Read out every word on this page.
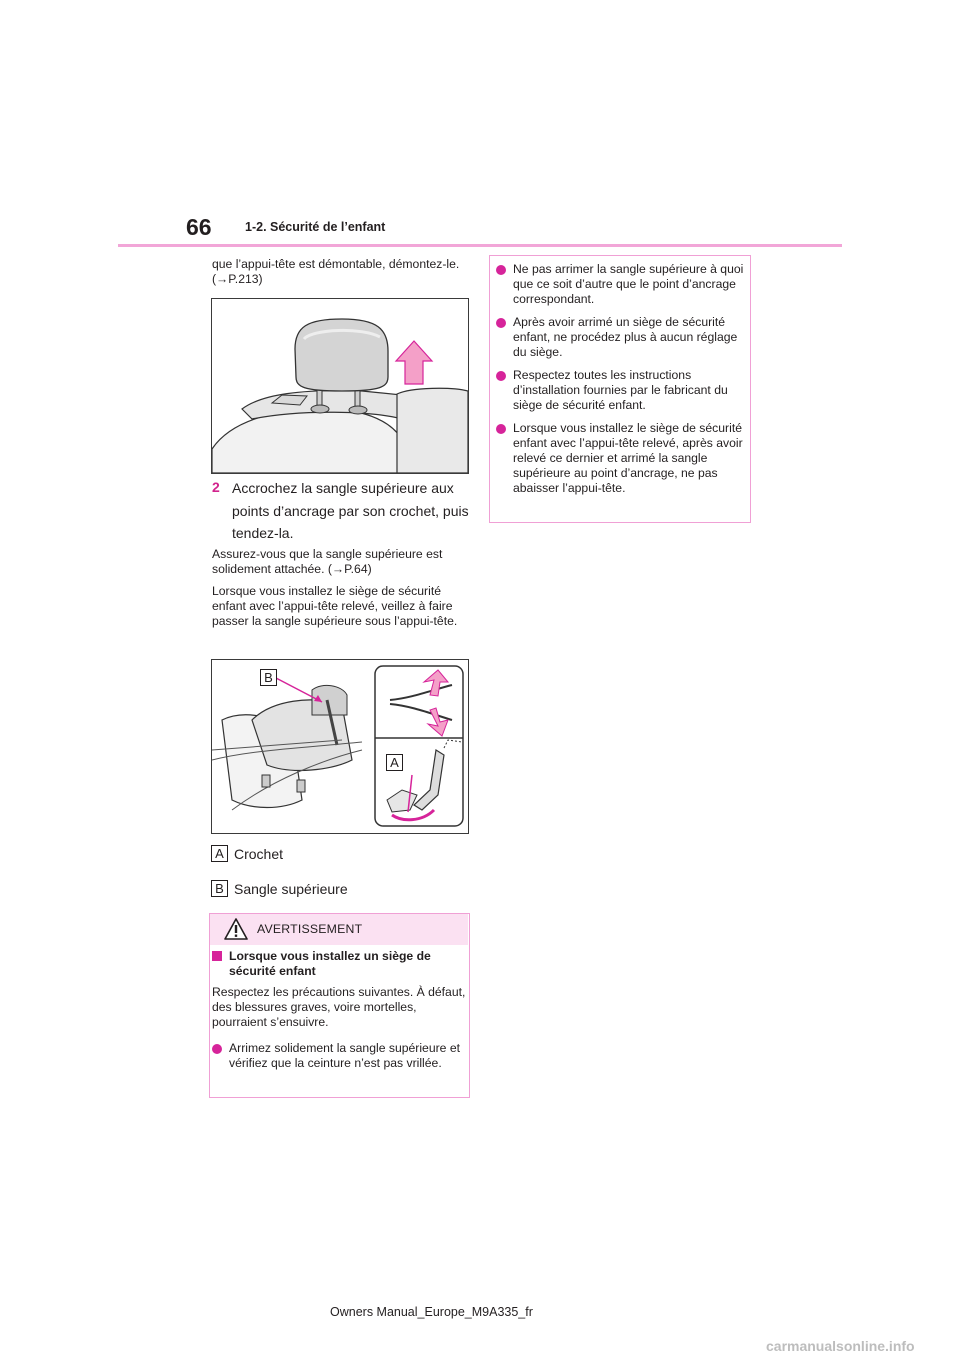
66	1-2. Sécurité de l’enfant
que l’appui-tête est démontable, démontez-le.(→P.213)
2 Accrochez la sangle supérieure aux points d’ancrage par son crochet, puis tendez-la.
Assurez-vous que la sangle supérieure est solidement attachée. (→P.64)
Lorsque vous installez le siège de sécurité enfant avec l’appui-tête relevé, veillez à faire passer la sangle supérieure sous l’appui-tête.
B
A
A Crochet
B Sangle supérieure
AVERTISSEMENT
Lorsque vous installez un siège de sécurité enfant
Respectez les précautions suivantes. À défaut, des blessures graves, voire mortelles, pourraient s’ensuivre.
Arrimez solidement la sangle supérieure et vérifiez que la ceinture n’est pas vrillée.
Ne pas arrimer la sangle supérieure à quoi que ce soit d’autre que le point d’ancrage correspondant.
Après avoir arrimé un siège de sécurité enfant, ne procédez plus à aucun réglage du siège.
Respectez toutes les instructions d’installation fournies par le fabricant du siège de sécurité enfant.
Lorsque vous installez le siège de sécurité enfant avec l’appui-tête relevé, après avoir relevé ce dernier et arrimé la sangle supérieure au point d’ancrage, ne pas abaisser l’appui-tête.
Owners Manual_Europe_M9A335_fr
carmanualsonline.info
